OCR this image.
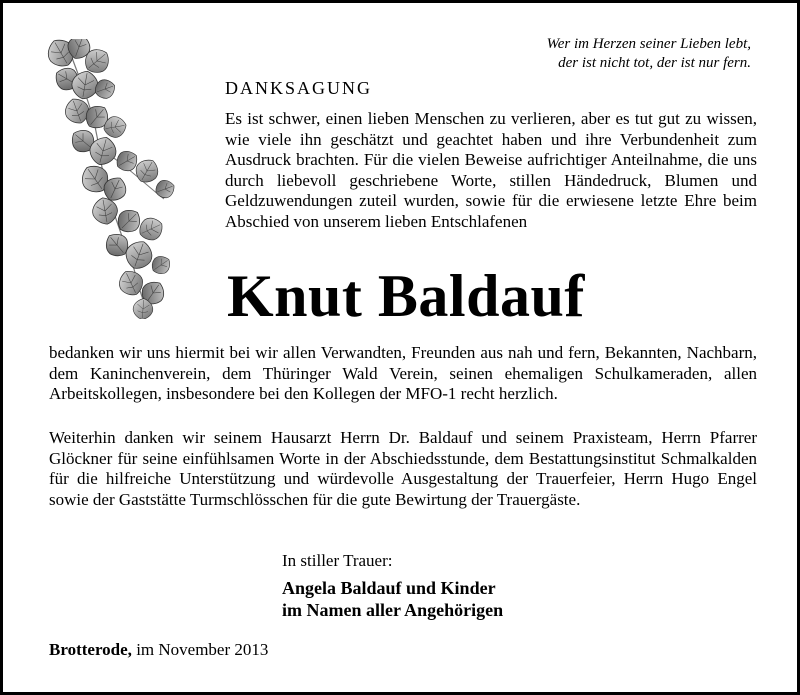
Wer im Herzen seiner Lieben lebt,
der ist nicht tot, der ist nur fern.
DANKSAGUNG
Es ist schwer, einen lieben Menschen zu verlieren, aber es tut gut zu wissen, wie viele ihn geschätzt und geachtet haben und ihre Verbundenheit zum Ausdruck brachten. Für die vielen Beweise aufrichtiger Anteilnahme, die uns durch liebevoll geschriebene Worte, stillen Händedruck, Blumen und Geldzuwendungen zuteil wurden, sowie für die erwiesene letzte Ehre beim Abschied von unserem lieben Entschlafenen
Knut Baldauf
bedanken wir uns hiermit bei wir allen Verwandten, Freunden aus nah und fern, Bekannten, Nachbarn, dem Kaninchenverein, dem Thüringer Wald Verein, seinen ehemaligen Schulkameraden, allen Arbeitskollegen, insbesondere bei den Kollegen der MFO-1 recht herzlich.
Weiterhin danken wir seinem Hausarzt Herrn Dr. Baldauf und seinem Praxisteam, Herrn Pfarrer Glöckner für seine einfühlsamen Worte in der Abschiedsstunde, dem Bestattungsinstitut Schmalkalden für die hilfreiche Unterstützung und würdevolle Ausgestaltung der Trauerfeier, Herrn Hugo Engel sowie der Gaststätte Turmschlösschen für die gute Bewirtung der Trauergäste.
In stiller Trauer:
Angela Baldauf und Kinder
im Namen aller Angehörigen
Brotterode, im November 2013
